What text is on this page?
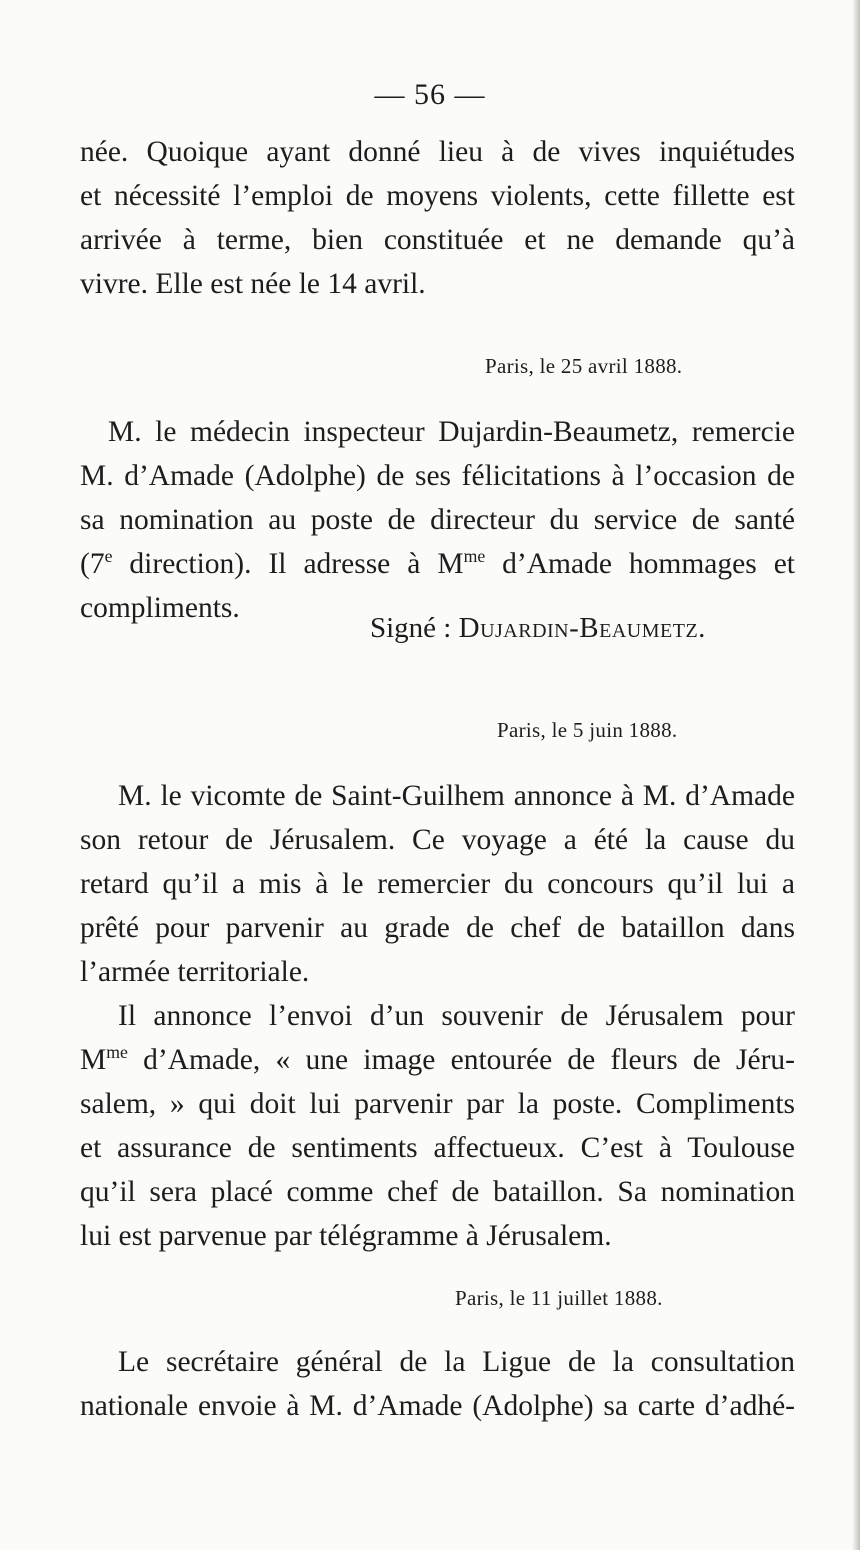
— 56 —
née. Quoique ayant donné lieu à de vives inquiétudes
et nécessité l’emploi de moyens violents, cette fillette est
arrivée à terme, bien constituée et ne demande qu’à
vivre. Elle est née le 14 avril.
Paris, le 25 avril 1888.
M. le médecin inspecteur Dujardin-Beaumetz, remercie
M. d’Amade (Adolphe) de ses félicitations à l’occasion de
sa nomination au poste de directeur du service de santé
(7e direction). Il adresse à $M^{me}$ d’Amade hommages et
compliments.
Signé : Dujardin-Beaumetz.
Paris, le 5 juin 1888.
M. le vicomte de Saint-Guilhem annonce à M. d’Amade
son retour de Jérusalem. Ce voyage a été la cause du
retard qu’il a mis à le remercier du concours qu’il lui a
prêté pour parvenir au grade de chef de bataillon dans
l’armée territoriale.
Il annonce l’envoi d’un souvenir de Jérusalem pour
$M^{me}$ d’Amade, « une image entourée de fleurs de Jéru-
salem, » qui doit lui parvenir par la poste. Compliments
et assurance de sentiments affectueux. C’est à Toulouse
qu’il sera placé comme chef de bataillon. Sa nomination
lui est parvenue par télégramme à Jérusalem.
Paris, le 11 juillet 1888.
Le secrétaire général de la Ligue de la consultation
nationale envoie à M. d’Amade (Adolphe) sa carte d’adhé-
